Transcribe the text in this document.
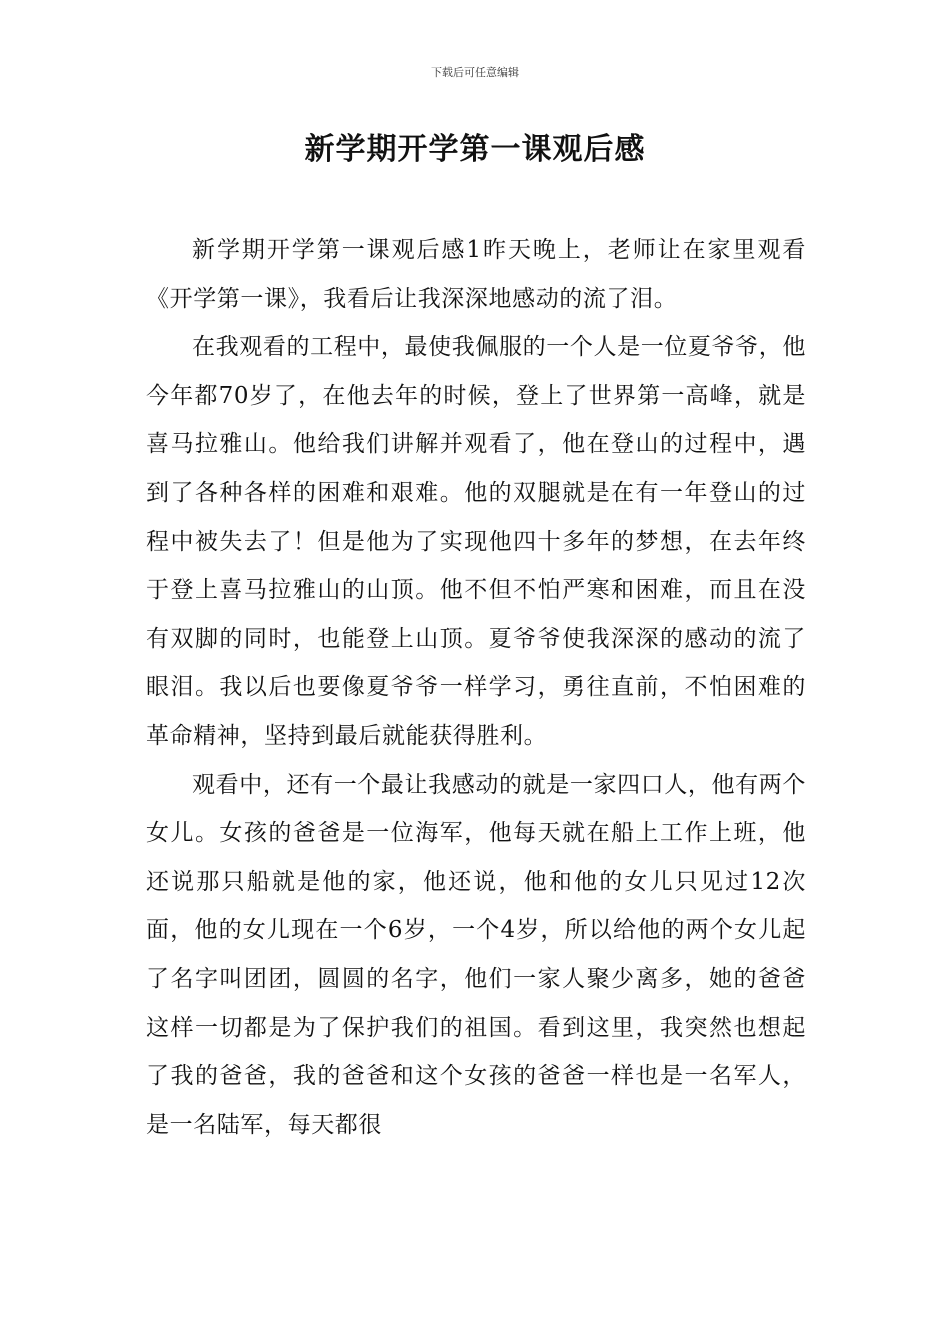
下载后可任意编辑
新学期开学第一课观后感

新学期开学第一课观后感1昨天晚上，老师让在家里观看《开学第一课》，我看后让我深深地感动的流了泪。

在我观看的工程中，最使我佩服的一个人是一位夏爷爷，他今年都70岁了，在他去年的时候，登上了世界第一高峰，就是喜马拉雅山。他给我们讲解并观看了，他在登山的过程中，遇到了各种各样的困难和艰难。他的双腿就是在有一年登山的过程中被失去了！但是他为了实现他四十多年的梦想，在去年终于登上喜马拉雅山的山顶。他不但不怕严寒和困难，而且在没有双脚的同时，也能登上山顶。夏爷爷使我深深的感动的流了眼泪。我以后也要像夏爷爷一样学习，勇往直前，不怕困难的革命精神，坚持到最后就能获得胜利。

观看中，还有一个最让我感动的就是一家四口人，他有两个女儿。女孩的爸爸是一位海军，他每天就在船上工作上班，他还说那只船就是他的家，他还说，他和他的女儿只见过12次面，他的女儿现在一个6岁，一个4岁，所以给他的两个女儿起了名字叫团团，圆圆的名字，他们一家人聚少离多，她的爸爸这样一切都是为了保护我们的祖国。看到这里，我突然也想起了我的爸爸，我的爸爸和这个女孩的爸爸一样也是一名军人，是一名陆军，每天都很
